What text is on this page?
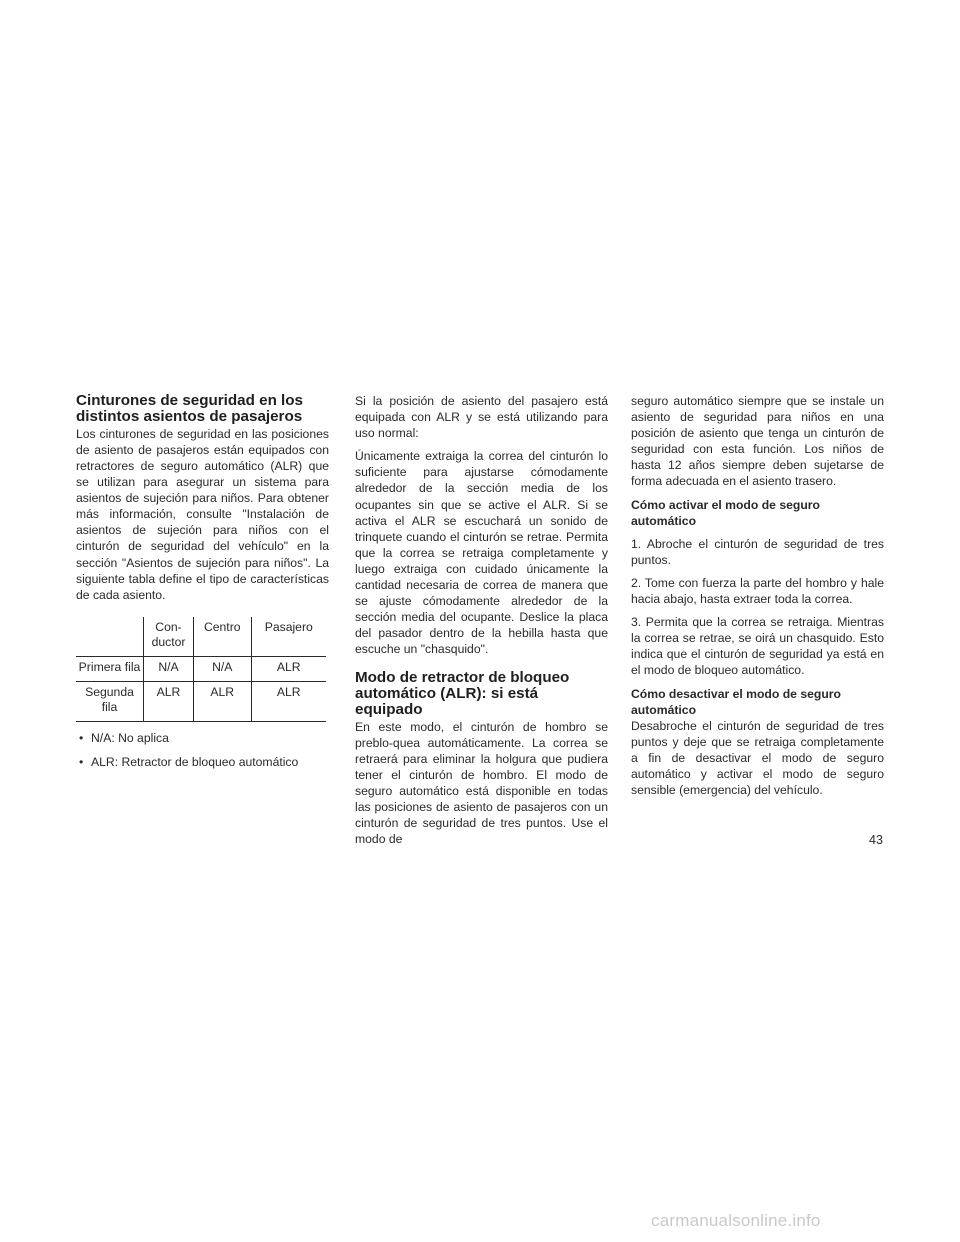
Cinturones de seguridad en los distintos asientos de pasajeros

Los cinturones de seguridad en las posiciones de asiento de pasajeros están equipados con retractores de seguro automático (ALR) que se utilizan para asegurar un sistema para asientos de sujeción para niños. Para obtener más información, consulte "Instalación de asientos de sujeción para niños con el cinturón de seguridad del vehículo" en la sección "Asientos de sujeción para niños". La siguiente tabla define el tipo de características de cada asiento.

	Con-ductor	Centro	Pasajero
Primera fila	N/A	N/A	ALR
Segunda fila	ALR	ALR	ALR
• N/A: No aplica
• ALR: Retractor de bloqueo automático

Si la posición de asiento del pasajero está equipada con ALR y se está utilizando para uso normal:

Únicamente extraiga la correa del cinturón lo suficiente para ajustarse cómodamente alrededor de la sección media de los ocupantes sin que se active el ALR. Si se activa el ALR se escuchará un sonido de trinquete cuando el cinturón se retrae. Permita que la correa se retraiga completamente y luego extraiga con cuidado únicamente la cantidad necesaria de correa de manera que se ajuste cómodamente alrededor de la sección media del ocupante. Deslice la placa del pasador dentro de la hebilla hasta que escuche un "chasquido".

Modo de retractor de bloqueo automático (ALR): si está equipado

En este modo, el cinturón de hombro se preblo-quea automáticamente. La correa se retraerá para eliminar la holgura que pudiera tener el cinturón de hombro. El modo de seguro automático está disponible en todas las posiciones de asiento de pasajeros con un cinturón de seguridad de tres puntos. Use el modo de

seguro automático siempre que se instale un asiento de seguridad para niños en una posición de asiento que tenga un cinturón de seguridad con esta función. Los niños de hasta 12 años siempre deben sujetarse de forma adecuada en el asiento trasero.

Cómo activar el modo de seguro automático

1. Abroche el cinturón de seguridad de tres puntos.

2. Tome con fuerza la parte del hombro y hale hacia abajo, hasta extraer toda la correa.

3. Permita que la correa se retraiga. Mientras la correa se retrae, se oirá un chasquido. Esto indica que el cinturón de seguridad ya está en el modo de bloqueo automático.

Cómo desactivar el modo de seguro automático

Desabroche el cinturón de seguridad de tres puntos y deje que se retraiga completamente a fin de desactivar el modo de seguro automático y activar el modo de seguro sensible (emergencia) del vehículo.

43
carmanualsonline.info
